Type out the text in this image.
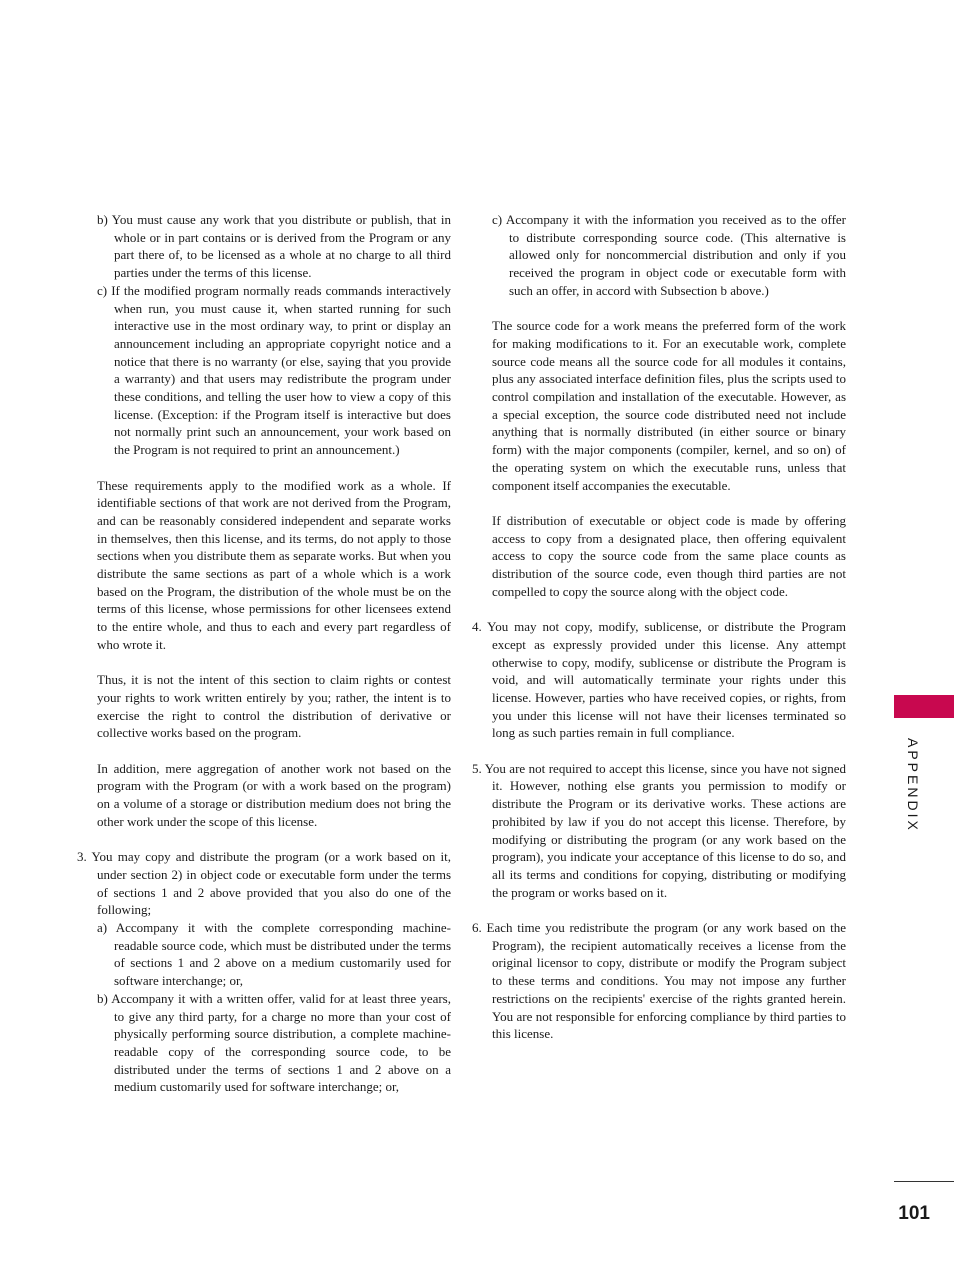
b) You must cause any work that you distribute or publish, that in whole or in part contains or is derived from the Program or any part there of, to be licensed as a whole at no charge to all third parties under the terms of this license.

c) If the modified program normally reads commands interactively when run, you must cause it, when started running for such interactive use in the most ordinary way, to print or display an announcement including an appropriate copyright notice and a notice that there is no warranty (or else, saying that you provide a warranty) and that users may redistribute the program under these conditions, and telling the user how to view a copy of this license. (Exception: if the Program itself is interactive but does not normally print such an announcement, your work based on the Program is not required to print an announcement.)

These requirements apply to the modified work as a whole. If identifiable sections of that work are not derived from the Program, and can be reasonably considered independent and separate works in themselves, then this license, and its terms, do not apply to those sections when you distribute them as separate works. But when you distribute the same sections as part of a whole which is a work based on the Program, the distribution of the whole must be on the terms of this license, whose permissions for other licensees extend to the entire whole, and thus to each and every part regardless of who wrote it.

Thus, it is not the intent of this section to claim rights or contest your rights to work written entirely by you; rather, the intent is to exercise the right to control the distribution of derivative or collective works based on the program.

In addition, mere aggregation of another work not based on the program with the Program (or with a work based on the program) on a volume of a storage or distribution medium does not bring the other work under the scope of this license.

3. You may copy and distribute the program (or a work based on it, under section 2) in object code or executable form under the terms of sections 1 and 2 above provided that you also do one of the following;

a) Accompany it with the complete corresponding machine-readable source code, which must be distributed under the terms of sections 1 and 2 above on a medium customarily used for software interchange; or,

b) Accompany it with a written offer, valid for at least three years, to give any third party, for a charge no more than your cost of physically performing source distribution, a complete machine-readable copy of the corresponding source code, to be distributed under the terms of sections 1 and 2 above on a medium customarily used for software interchange; or,

c) Accompany it with the information you received as to the offer to distribute corresponding source code. (This alternative is allowed only for noncommercial distribution and only if you received the program in object code or executable form with such an offer, in accord with Subsection b above.)

The source code for a work means the preferred form of the work for making modifications to it. For an executable work, complete source code means all the source code for all modules it contains, plus any associated interface definition files, plus the scripts used to control compilation and installation of the executable. However, as a special exception, the source code distributed need not include anything that is normally distributed (in either source or binary form) with the major components (compiler, kernel, and so on) of the operating system on which the executable runs, unless that component itself accompanies the executable.

If distribution of executable or object code is made by offering access to copy from a designated place, then offering equivalent access to copy the source code from the same place counts as distribution of the source code, even though third parties are not compelled to copy the source along with the object code.

4. You may not copy, modify, sublicense, or distribute the Program except as expressly provided under this license. Any attempt otherwise to copy, modify, sublicense or distribute the Program is void, and will automatically terminate your rights under this license. However, parties who have received copies, or rights, from you under this license will not have their licenses terminated so long as such parties remain in full compliance.

5. You are not required to accept this license, since you have not signed it. However, nothing else grants you permission to modify or distribute the Program or its derivative works. These actions are prohibited by law if you do not accept this license. Therefore, by modifying or distributing the program (or any work based on the program), you indicate your acceptance of this license to do so, and all its terms and conditions for copying, distributing or modifying the program or works based on it.

6. Each time you redistribute the program (or any work based on the Program), the recipient automatically receives a license from the original licensor to copy, distribute or modify the Program subject to these terms and conditions. You may not impose any further restrictions on the recipients' exercise of the rights granted herein. You are not responsible for enforcing compliance by third parties to this license.

APPENDIX
101
